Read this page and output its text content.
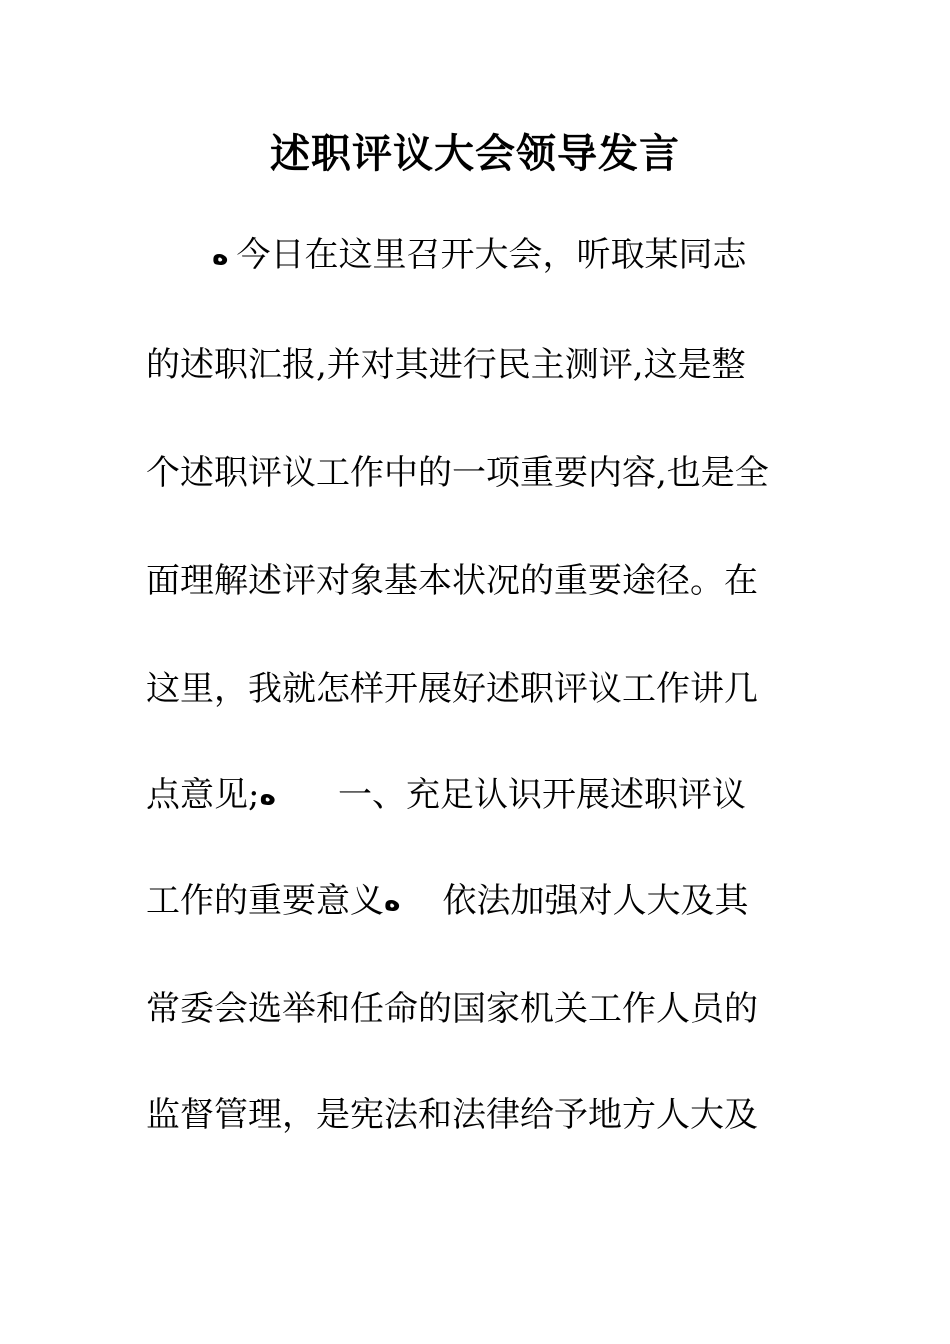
述职评议大会领导发言
ﻩ 今日在这里召开大会，听取某同志
的述职汇报,并对其进行民主测评,这是整
个述职评议工作中的一项重要内容,也是全
面理解述评对象基本状况的重要途径。在
这里，我就怎样开展好述职评议工作讲几
点意见;ﻩ 一、充足认识开展述职评议
工作的重要意义ﻩ 依法加强对人大及其
常委会选举和任命的国家机关工作人员的
监督管理，是宪法和法律给予地方人大及
